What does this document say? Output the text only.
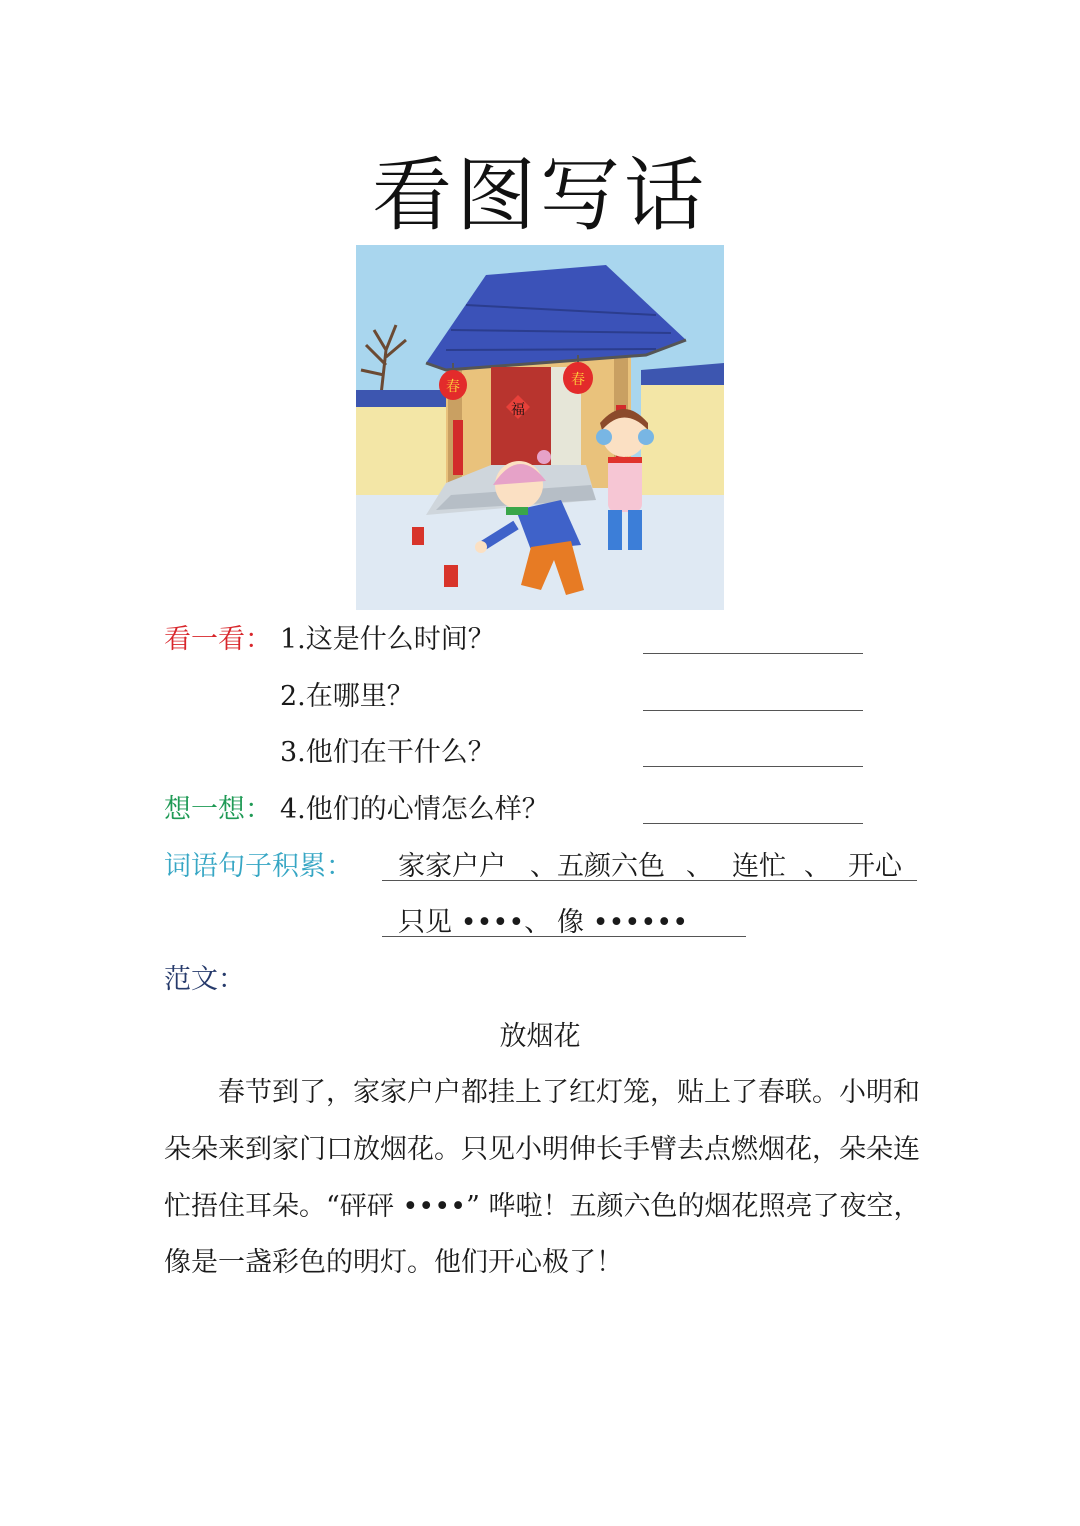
看图写话
福
春	春
看一看： 1.这是什么时间？
2.在哪里？
3.他们在干什么？
想一想： 4.他们的心情怎么样？
词语句子积累： 家家户户 、五颜六色 、 连忙 、 开心
只见 ••••、 像 ••••••
范文：
放烟花
春节到了，家家户户都挂上了红灯笼，贴上了春联。小明和
朵朵来到家门口放烟花。只见小明伸长手臂去点燃烟花，朵朵连
忙捂住耳朵。“砰砰 ••••” 哗啦！五颜六色的烟花照亮了夜空，
像是一盏彩色的明灯。他们开心极了！
